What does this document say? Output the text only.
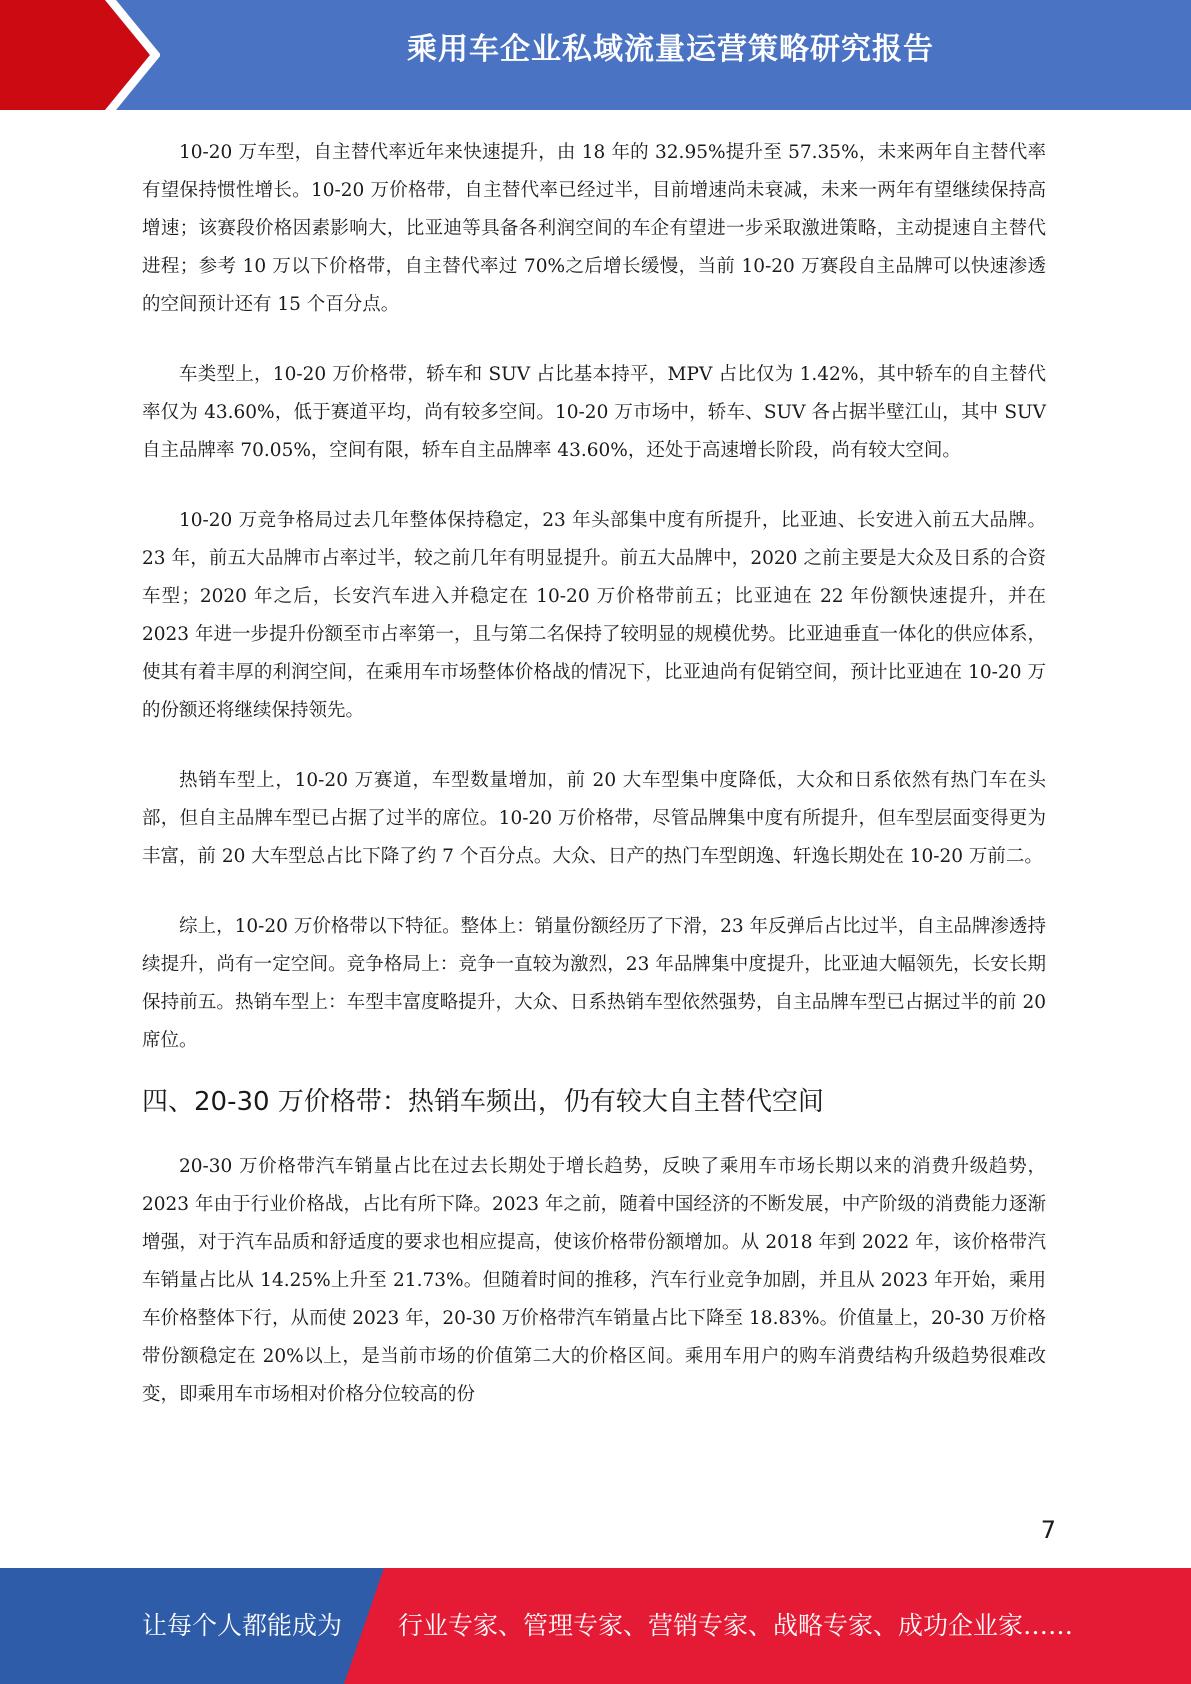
乘用车企业私域流量运营策略研究报告

10-20 万车型，自主替代率近年来快速提升，由 18 年的 32.95%提升至 57.35%，未来两年自主替代率有望保持惯性增长。10-20 万价格带，自主替代率已经过半，目前增速尚未衰减，未来一两年有望继续保持高增速；该赛段价格因素影响大，比亚迪等具备各利润空间的车企有望进一步采取激进策略，主动提速自主替代进程；参考 10 万以下价格带，自主替代率过 70%之后增长缓慢，当前 10-20 万赛段自主品牌可以快速渗透的空间预计还有 15 个百分点。

车类型上，10-20 万价格带，轿车和 SUV 占比基本持平，MPV 占比仅为 1.42%，其中轿车的自主替代率仅为 43.60%，低于赛道平均，尚有较多空间。10-20 万市场中，轿车、SUV 各占据半壁江山，其中 SUV 自主品牌率 70.05%，空间有限，轿车自主品牌率 43.60%，还处于高速增长阶段，尚有较大空间。

10-20 万竞争格局过去几年整体保持稳定，23 年头部集中度有所提升，比亚迪、长安进入前五大品牌。23 年，前五大品牌市占率过半，较之前几年有明显提升。前五大品牌中，2020 之前主要是大众及日系的合资车型；2020 年之后，长安汽车进入并稳定在 10-20 万价格带前五；比亚迪在 22 年份额快速提升，并在 2023 年进一步提升份额至市占率第一，且与第二名保持了较明显的规模优势。比亚迪垂直一体化的供应体系，使其有着丰厚的利润空间，在乘用车市场整体价格战的情况下，比亚迪尚有促销空间，预计比亚迪在 10-20 万的份额还将继续保持领先。

热销车型上，10-20 万赛道，车型数量增加，前 20 大车型集中度降低，大众和日系依然有热门车在头部，但自主品牌车型已占据了过半的席位。10-20 万价格带，尽管品牌集中度有所提升，但车型层面变得更为丰富，前 20 大车型总占比下降了约 7 个百分点。大众、日产的热门车型朗逸、轩逸长期处在 10-20 万前二。

综上，10-20 万价格带以下特征。整体上：销量份额经历了下滑，23 年反弹后占比过半，自主品牌渗透持续提升，尚有一定空间。竞争格局上：竞争一直较为激烈，23 年品牌集中度提升，比亚迪大幅领先，长安长期保持前五。热销车型上：车型丰富度略提升，大众、日系热销车型依然强势，自主品牌车型已占据过半的前 20 席位。

四、20-30 万价格带：热销车频出，仍有较大自主替代空间

20-30 万价格带汽车销量占比在过去长期处于增长趋势，反映了乘用车市场长期以来的消费升级趋势，2023 年由于行业价格战，占比有所下降。2023 年之前，随着中国经济的不断发展，中产阶级的消费能力逐渐增强，对于汽车品质和舒适度的要求也相应提高，使该价格带份额增加。从 2018 年到 2022 年，该价格带汽车销量占比从 14.25%上升至 21.73%。但随着时间的推移，汽车行业竞争加剧，并且从 2023 年开始，乘用车价格整体下行，从而使 2023 年，20-30 万价格带汽车销量占比下降至 18.83%。价值量上，20-30 万价格带份额稳定在 20%以上，是当前市场的价值第二大的价格区间。乘用车用户的购车消费结构升级趋势很难改变，即乘用车市场相对价格分位较高的份

7
让每个人都能成为 行业专家、管理专家、营销专家、战略专家、成功企业家……
